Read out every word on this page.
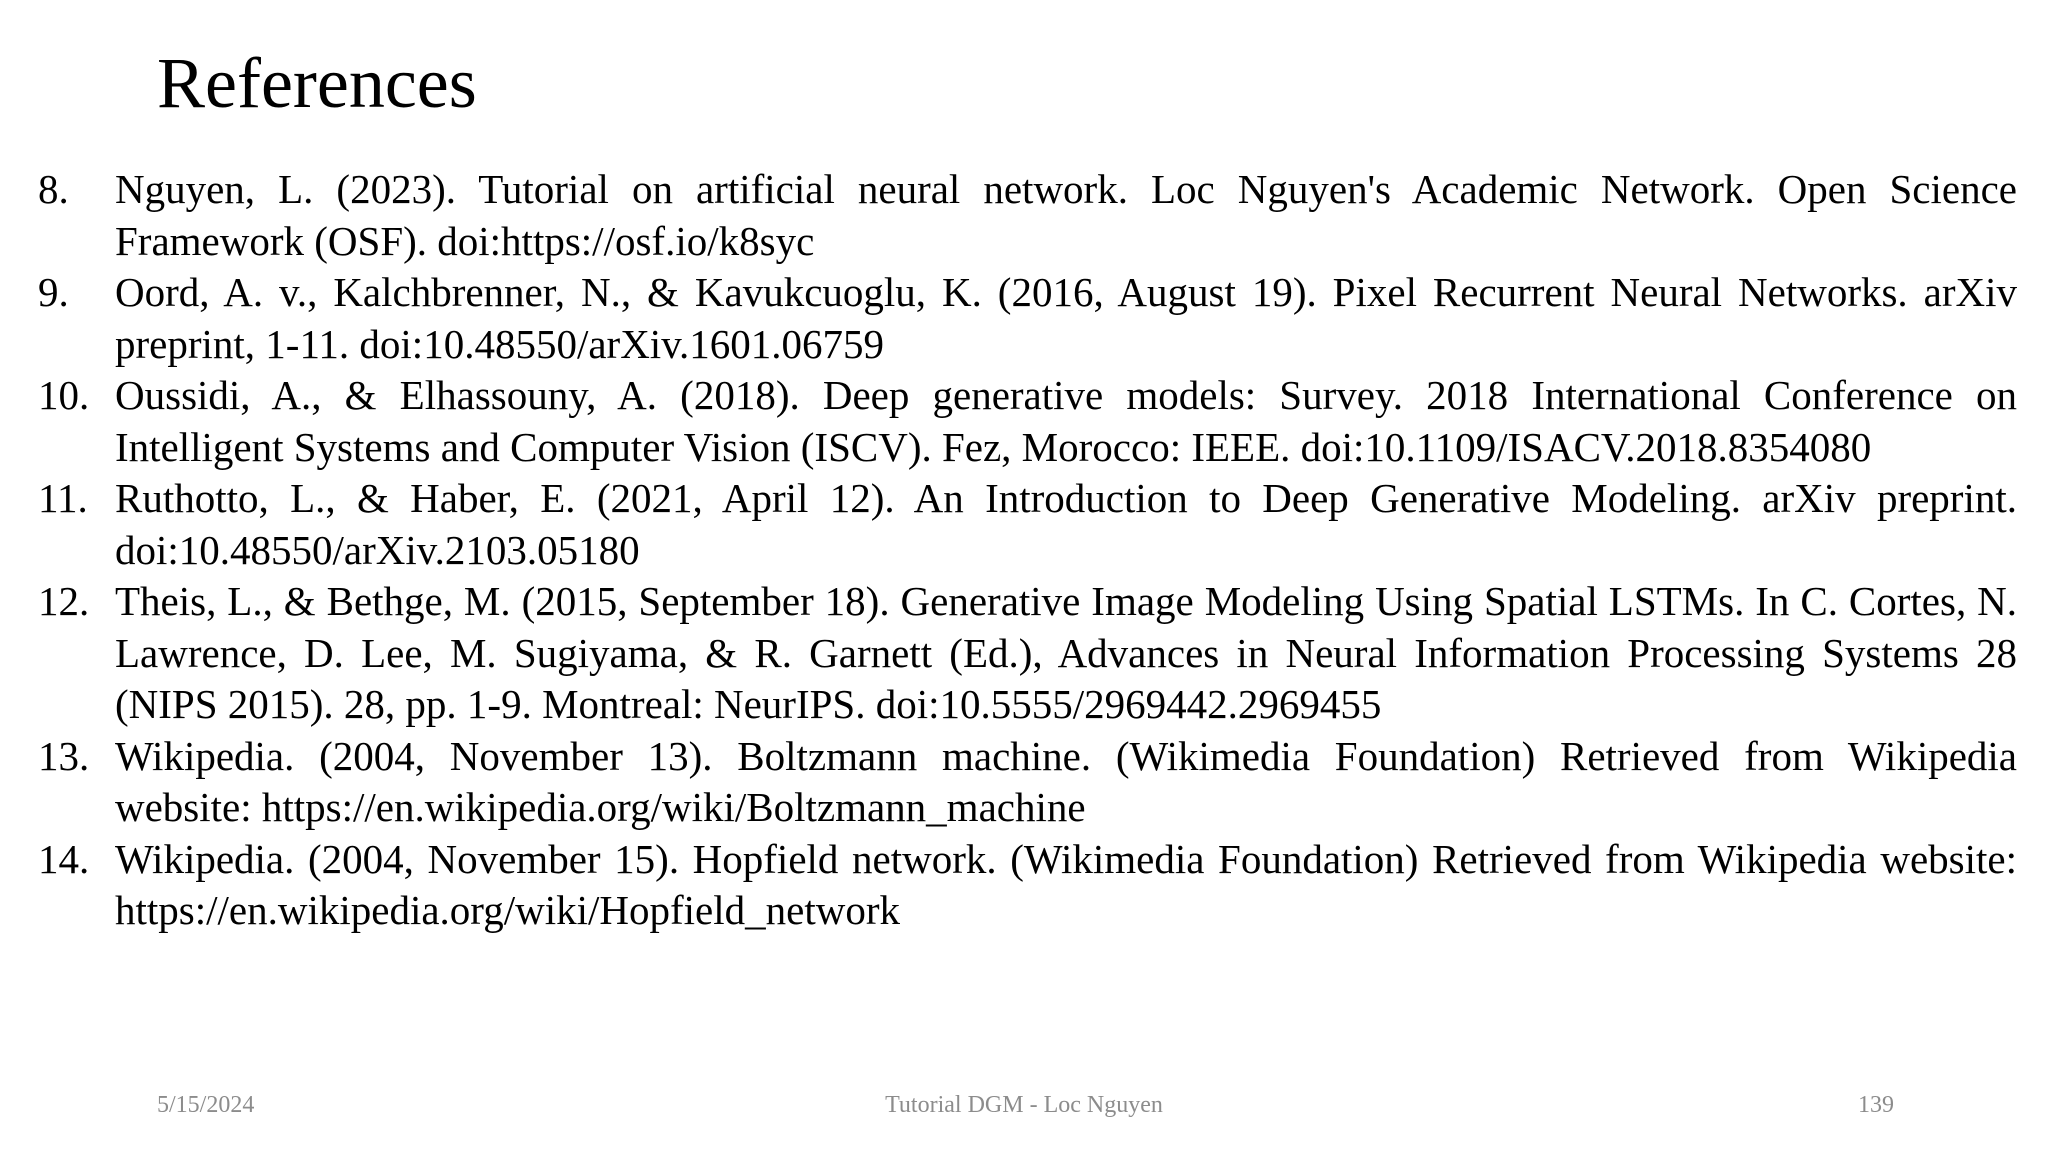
References
8.	Nguyen, L. (2023). Tutorial on artificial neural network. Loc Nguyen's Academic Network. Open Science Framework (OSF). doi:https://osf.io/k8syc
9.	Oord, A. v., Kalchbrenner, N., & Kavukcuoglu, K. (2016, August 19). Pixel Recurrent Neural Networks. arXiv preprint, 1-11. doi:10.48550/arXiv.1601.06759
10. Oussidi, A., & Elhassouny, A. (2018). Deep generative models: Survey. 2018 International Conference on Intelligent Systems and Computer Vision (ISCV). Fez, Morocco: IEEE. doi:10.1109/ISACV.2018.8354080
11. Ruthotto, L., & Haber, E. (2021, April 12). An Introduction to Deep Generative Modeling. arXiv preprint. doi:10.48550/arXiv.2103.05180
12. Theis, L., & Bethge, M. (2015, September 18). Generative Image Modeling Using Spatial LSTMs. In C. Cortes, N. Lawrence, D. Lee, M. Sugiyama, & R. Garnett (Ed.), Advances in Neural Information Processing Systems 28 (NIPS 2015). 28, pp. 1-9. Montreal: NeurIPS. doi:10.5555/2969442.2969455
13. Wikipedia. (2004, November 13). Boltzmann machine. (Wikimedia Foundation) Retrieved from Wikipedia website: https://en.wikipedia.org/wiki/Boltzmann_machine
14. Wikipedia. (2004, November 15). Hopfield network. (Wikimedia Foundation) Retrieved from Wikipedia website: https://en.wikipedia.org/wiki/Hopfield_network
5/15/2024	Tutorial DGM - Loc Nguyen	139
